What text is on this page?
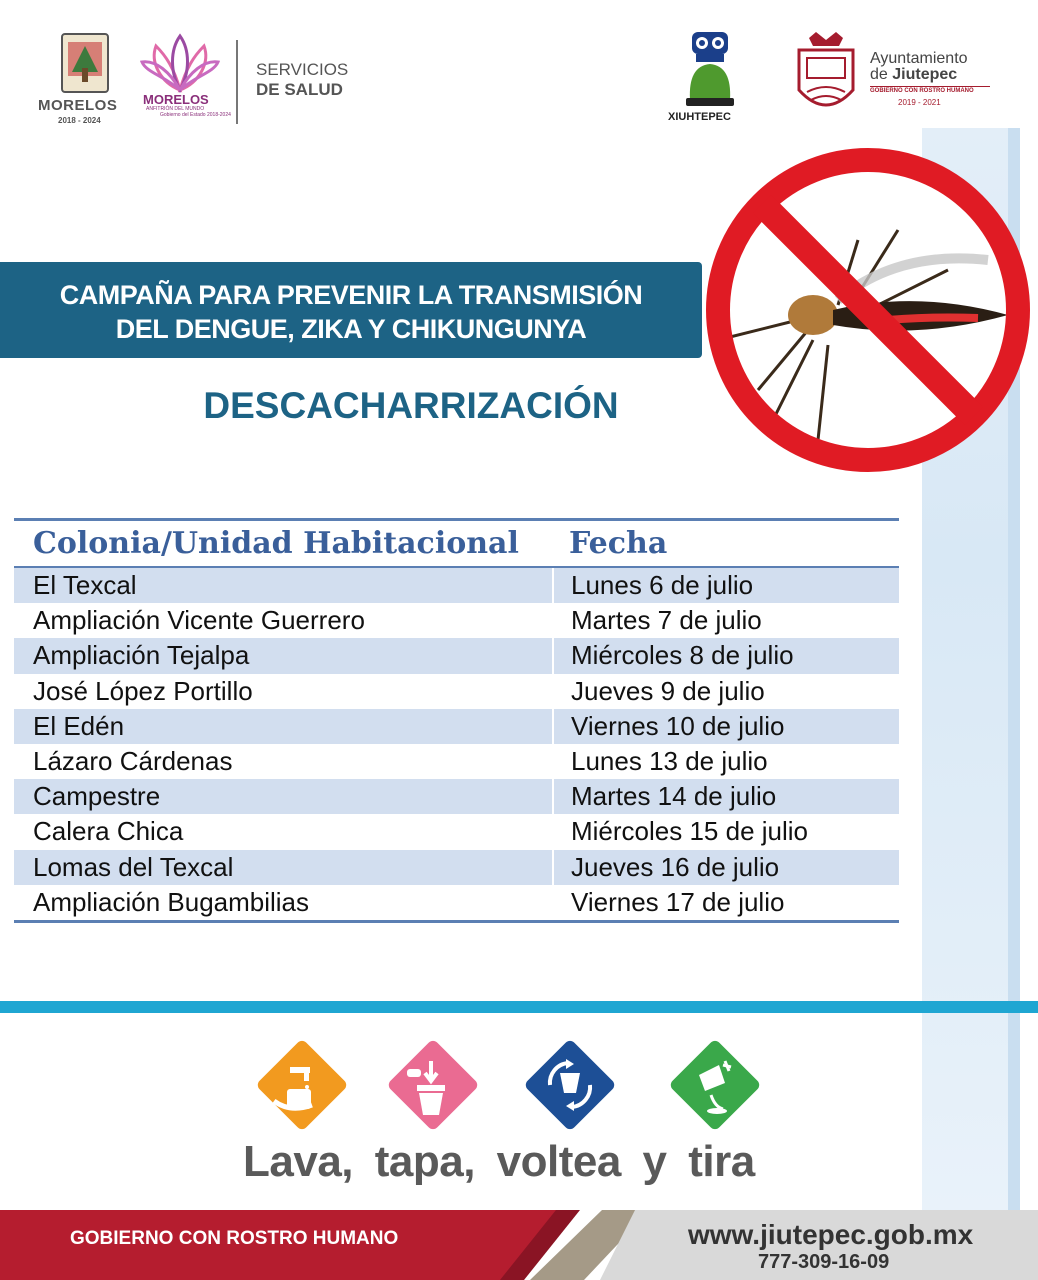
MORELOS
2018 - 2024
MORELOS
ANFITRIÓN DEL MUNDO
Gobierno del Estado 2018-2024
SERVICIOS
DE SALUD
XIUHTEPEC
Ayuntamiento
de Jiutepec
GOBIERNO CON ROSTRO HUMANO
2019 - 2021
CAMPAÑA PARA PREVENIR LA TRANSMISIÓN
DEL DENGUE, ZIKA Y CHIKUNGUNYA
DESCACHARRIZACIÓN
Colonia/Unidad Habitacional	Fecha
El Texcal	Lunes 6 de julio
Ampliación Vicente Guerrero	Martes 7 de julio
Ampliación Tejalpa	Miércoles 8 de julio
José López Portillo	Jueves 9 de julio
El Edén	Viernes 10 de julio
Lázaro Cárdenas	Lunes 13 de julio
Campestre	Martes 14 de julio
Calera Chica	Miércoles 15 de julio
Lomas del Texcal	Jueves 16 de julio
Ampliación Bugambilias	Viernes 17 de julio
Lava, tapa, voltea y tira
GOBIERNO CON ROSTRO HUMANO	www.jiutepec.gob.mx
777-309-16-09
